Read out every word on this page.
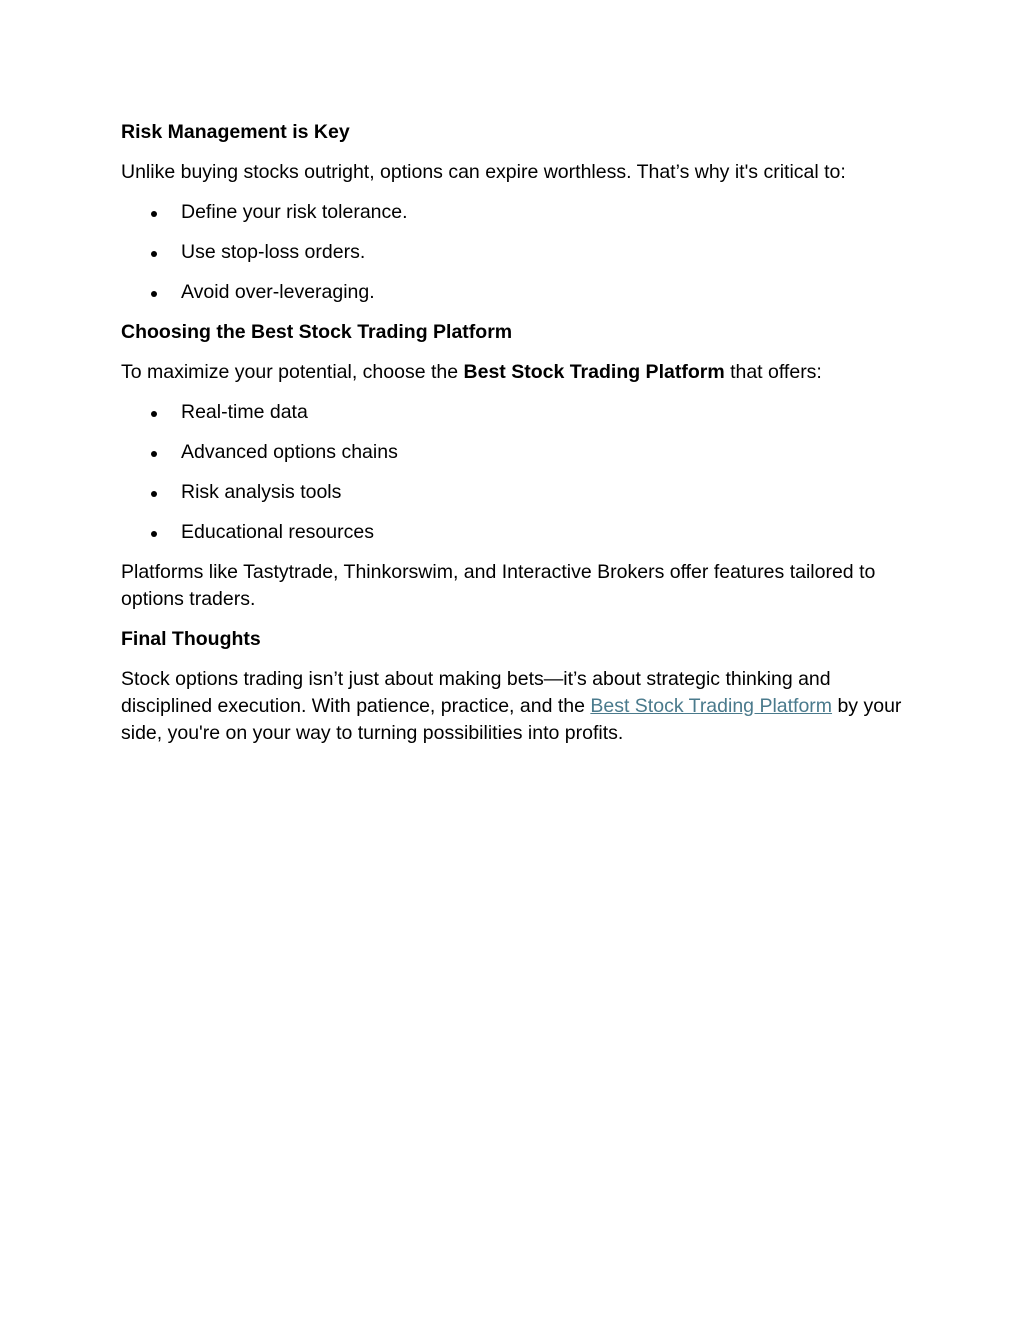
Risk Management is Key

Unlike buying stocks outright, options can expire worthless. That’s why it's critical to:

Define your risk tolerance.
Use stop-loss orders.
Avoid over-leveraging.
Choosing the Best Stock Trading Platform

To maximize your potential, choose the Best Stock Trading Platform that offers:

Real-time data
Advanced options chains
Risk analysis tools
Educational resources

Platforms like Tastytrade, Thinkorswim, and Interactive Brokers offer features tailored to options traders.

Final Thoughts

Stock options trading isn’t just about making bets—it’s about strategic thinking and disciplined execution. With patience, practice, and the Best Stock Trading Platform by your side, you're on your way to turning possibilities into profits.
